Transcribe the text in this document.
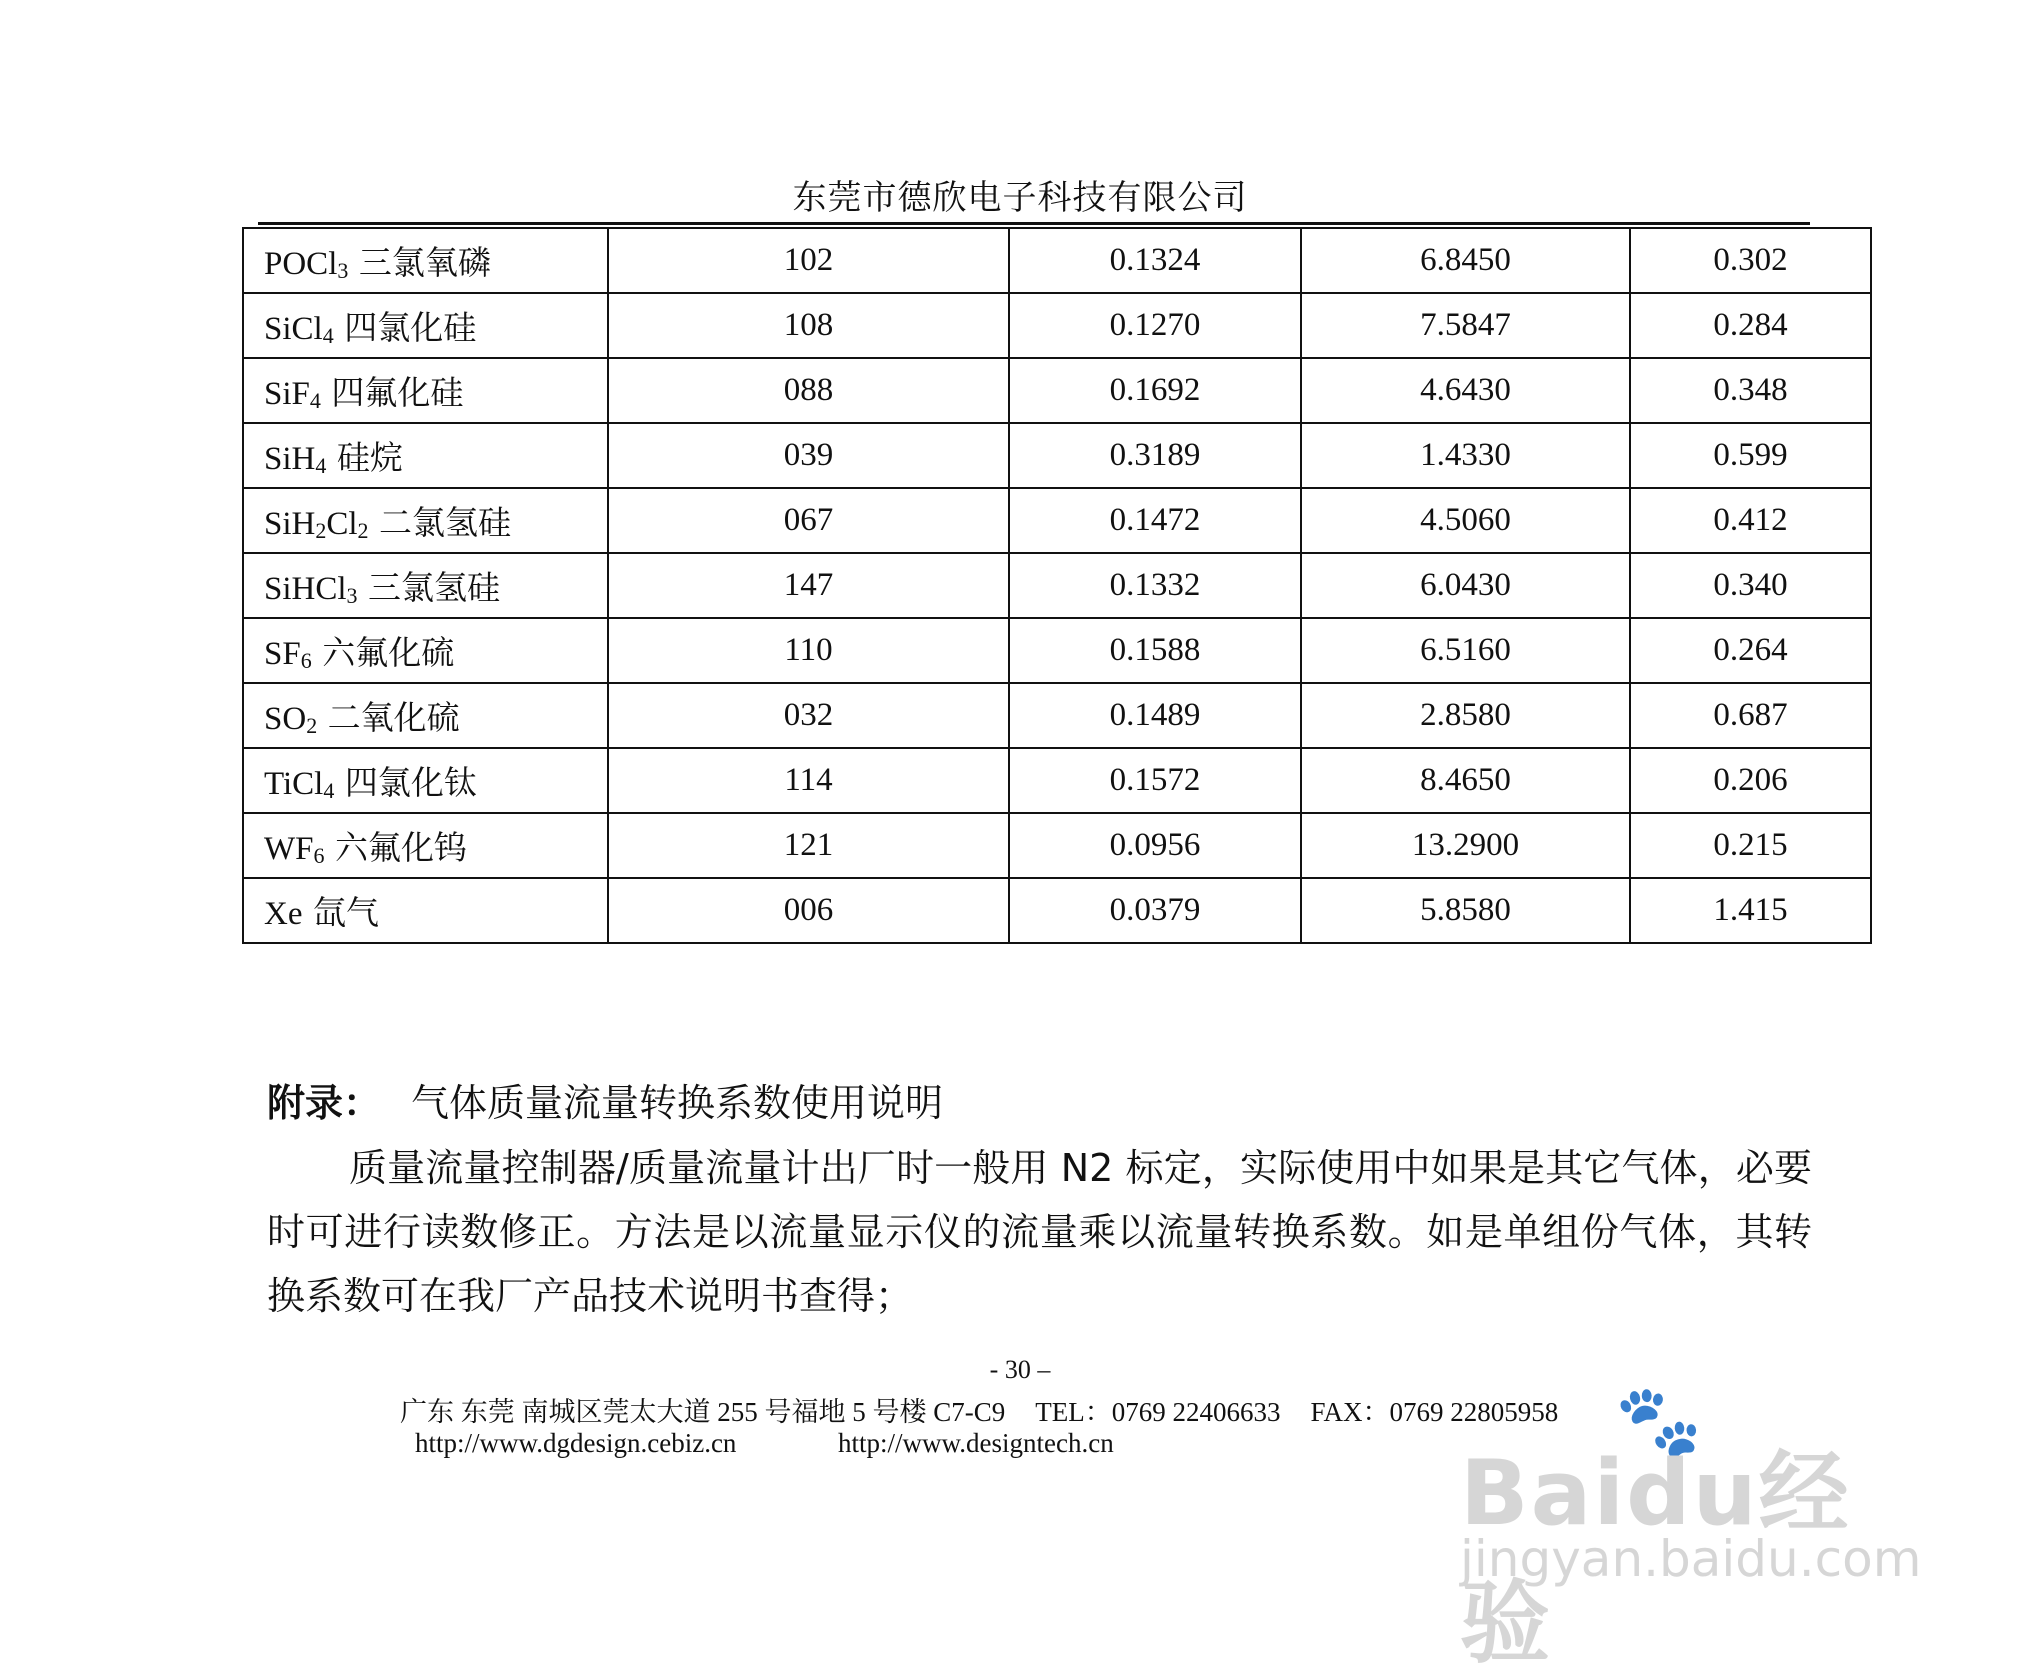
东莞市德欣电子科技有限公司
POCl$_3$ 三氯氧磷	102	0.1324	6.8450	0.302
SiCl$_4$ 四氯化硅	108	0.1270	7.5847	0.284
SiF$_4$ 四氟化硅	088	0.1692	4.6430	0.348
SiH$_4$ 硅烷	039	0.3189	1.4330	0.599
$SiH_2Cl_2$ 二氯氢硅	067	0.1472	4.5060	0.412
SiHCl$_3$ 三氯氢硅	147	0.1332	6.0430	0.340
$SF_6$ 六氟化硫	110	0.1588	6.5160	0.264
$SO_2$ 二氧化硫	032	0.1489	2.8580	0.687
TiCl$_4$ 四氯化钛	114	0.1572	8.4650	0.206
$WF_6$ 六氟化钨	121	0.0956	13.2900	0.215
Xe 氙气	006	0.0379	5.8580	1.415
附录： 气体质量流量转换系数使用说明
质量流量控制器/质量流量计出厂时一般用 N2 标定，实际使用中如果是其它气体，必要时可进行读数修正。方法是以流量显示仪的流量乘以流量转换系数。如是单组份气体，其转换系数可在我厂产品技术说明书查得；
- 30 –
广东 东莞 南城区莞太大道 255 号福地 5 号楼 C7-C9 TEL：0769 22406633 FAX：0769 22805958
http://www.dgdesign.cebiz.cn	http://www.designtech.cn	🐾
Baidu经验
jingyan.baidu.com
